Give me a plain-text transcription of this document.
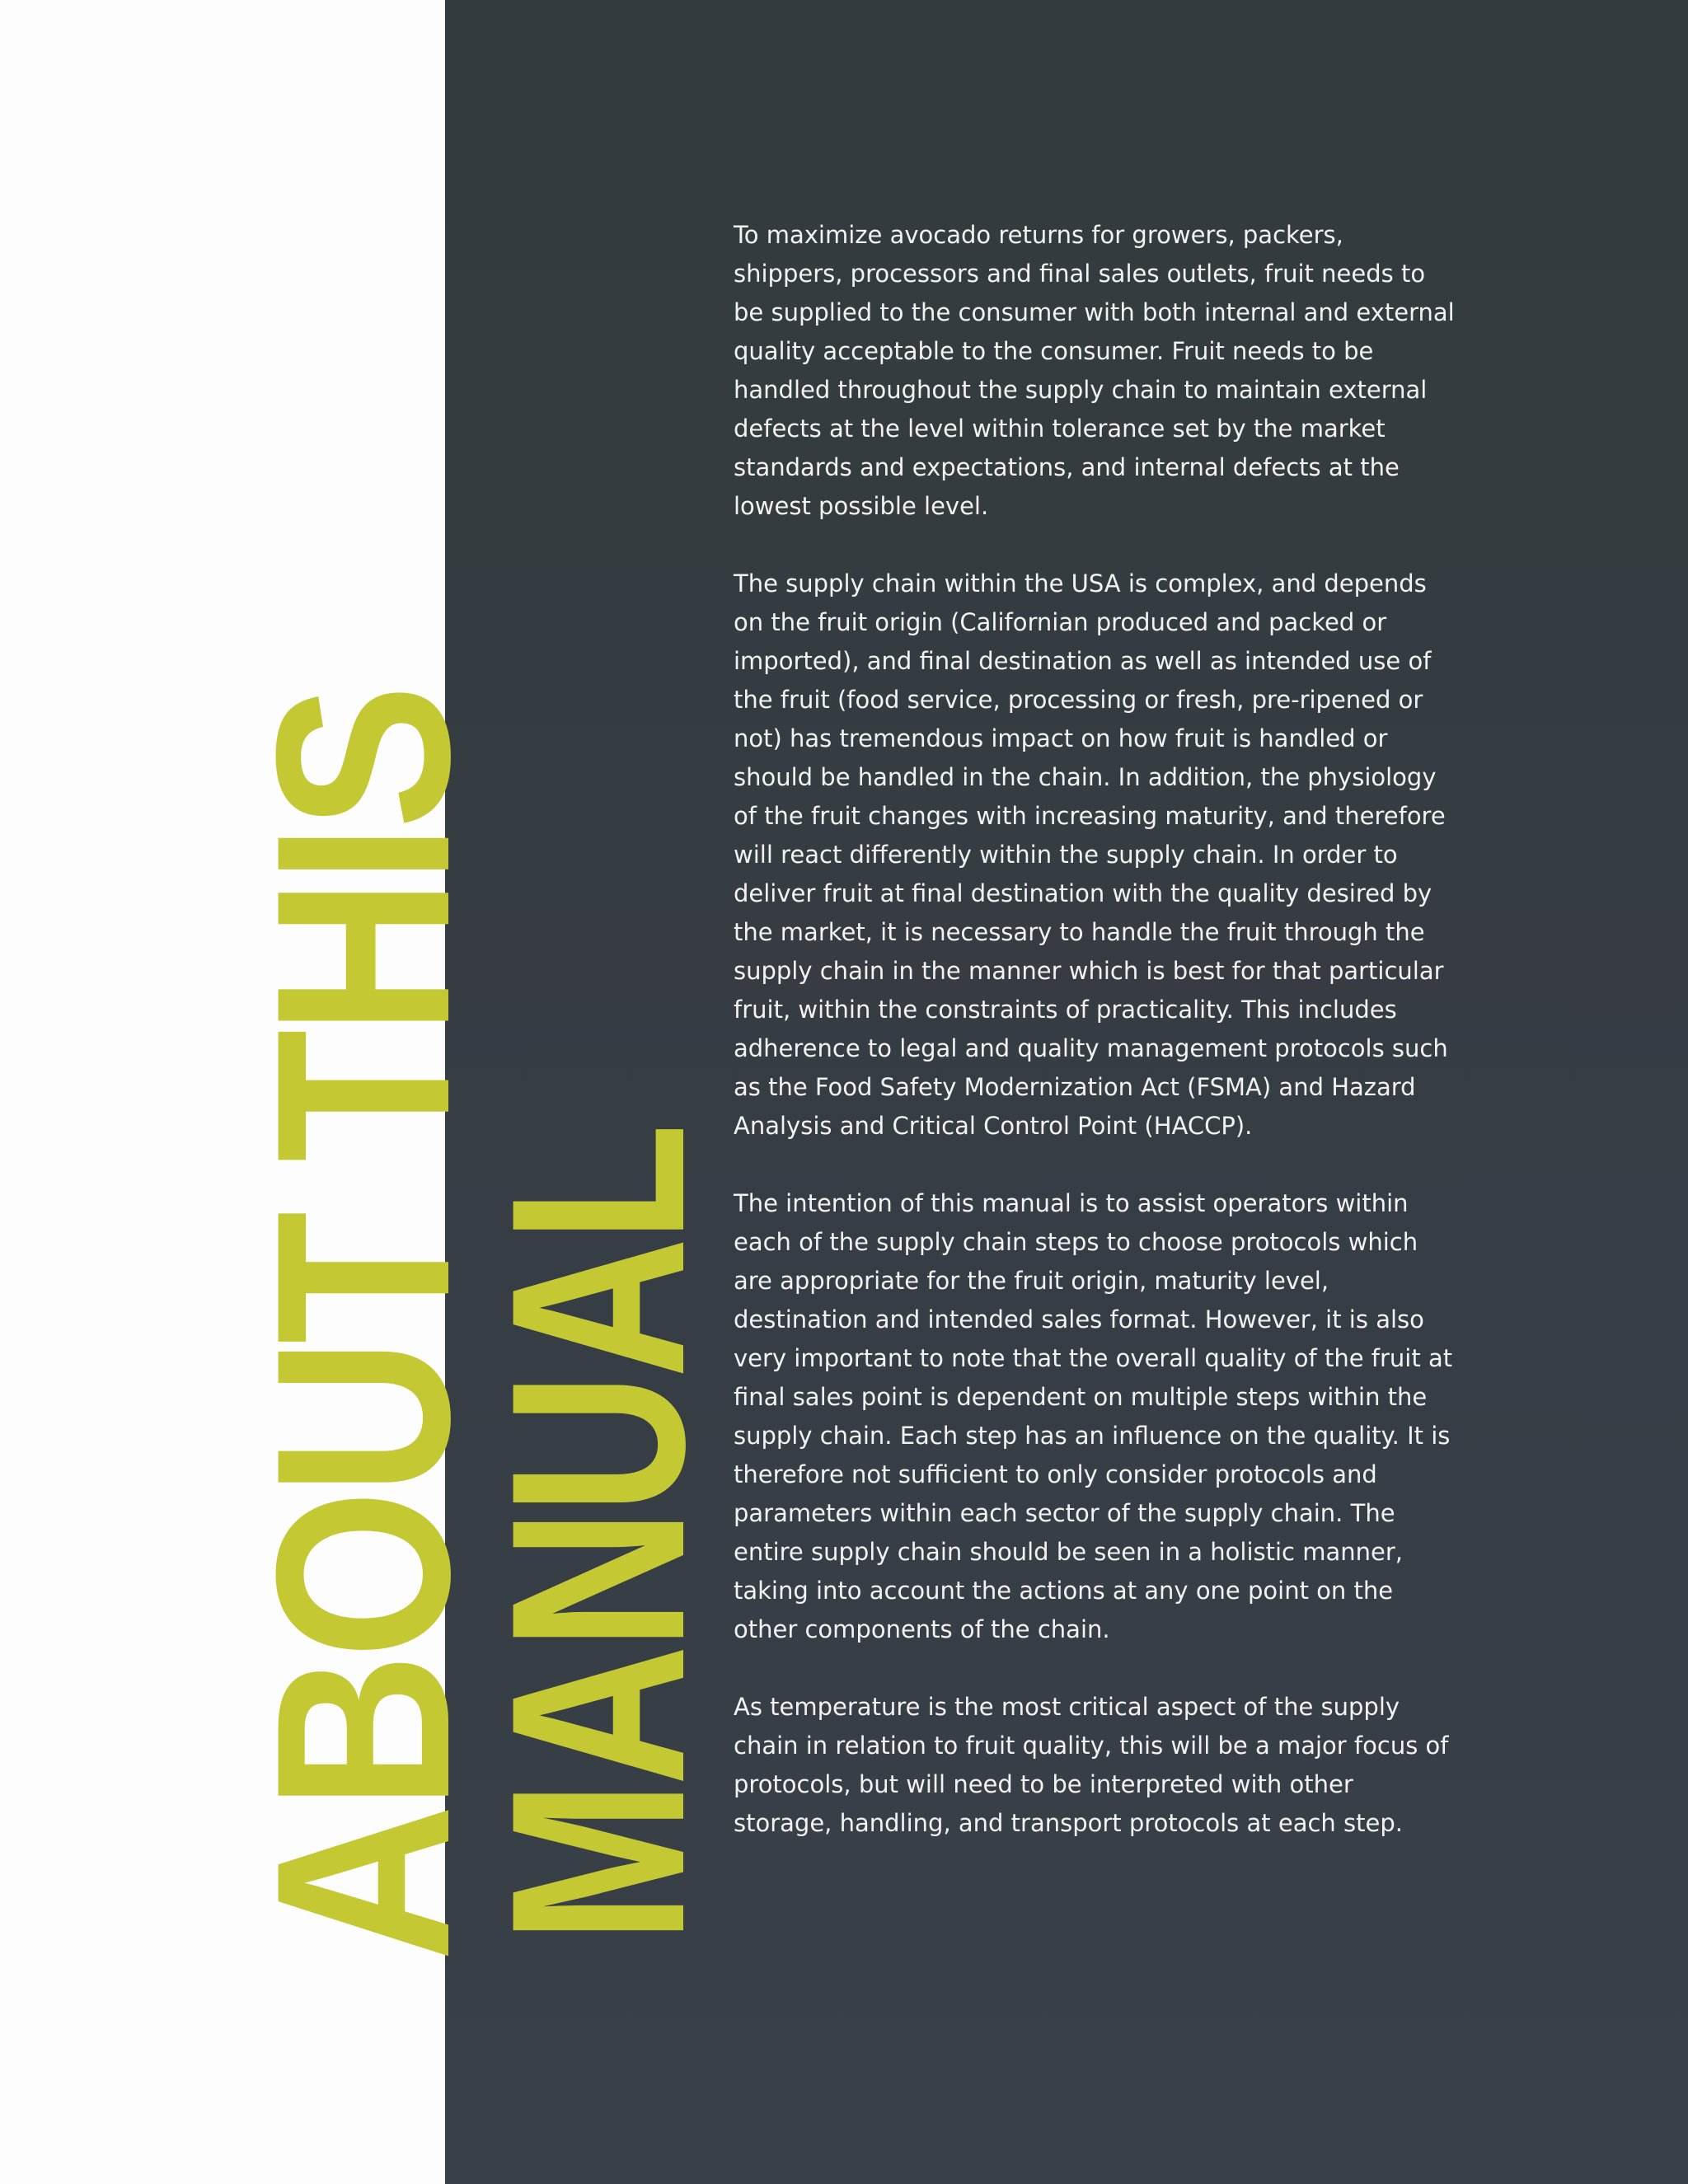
ABOUT THIS
MANUAL

To maximize avocado returns for growers, packers, shippers, processors and final sales outlets, fruit needs to be supplied to the consumer with both internal and external quality acceptable to the consumer. Fruit needs to be handled throughout the supply chain to maintain external defects at the level within tolerance set by the market standards and expectations, and internal defects at the lowest possible level.

The supply chain within the USA is complex, and depends on the fruit origin (Californian produced and packed or imported), and final destination as well as intended use of the fruit (food service, processing or fresh, pre-ripened or not) has tremendous impact on how fruit is handled or should be handled in the chain. In addition, the physiology of the fruit changes with increasing maturity, and therefore will react differently within the supply chain. In order to deliver fruit at final destination with the quality desired by the market, it is necessary to handle the fruit through the supply chain in the manner which is best for that particular fruit, within the constraints of practicality. This includes adherence to legal and quality management protocols such as the Food Safety Modernization Act (FSMA) and Hazard Analysis and Critical Control Point (HACCP).

The intention of this manual is to assist operators within each of the supply chain steps to choose protocols which are appropriate for the fruit origin, maturity level, destination and intended sales format. However, it is also very important to note that the overall quality of the fruit at final sales point is dependent on multiple steps within the supply chain. Each step has an influence on the quality. It is therefore not sufficient to only consider protocols and parameters within each sector of the supply chain. The entire supply chain should be seen in a holistic manner, taking into account the actions at any one point on the other components of the chain.

As temperature is the most critical aspect of the supply chain in relation to fruit quality, this will be a major focus of protocols, but will need to be interpreted with other storage, handling, and transport protocols at each step.
